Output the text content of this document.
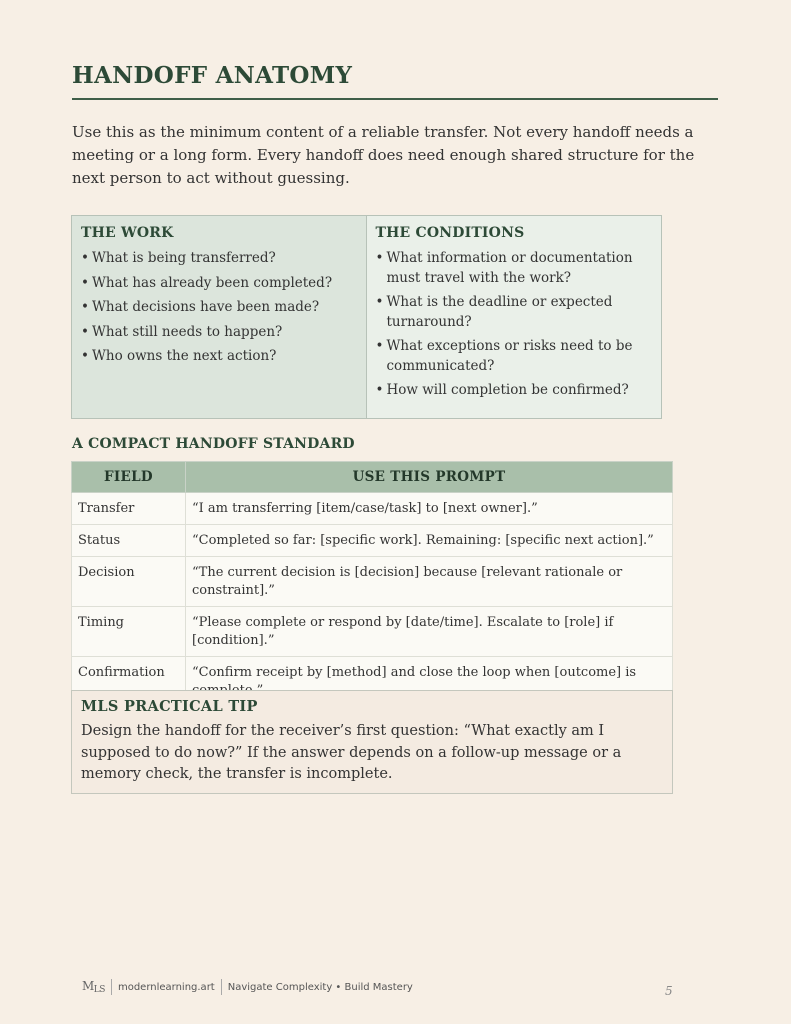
HANDOFF ANATOMY

Use this as the minimum content of a reliable transfer. Not every handoff needs a meeting or a long form. Every handoff does need enough shared structure for the next person to act without guessing.

THE WORK
• What is being transferred?
• What has already been completed?
• What decisions have been made?
• What still needs to happen?
• Who owns the next action?
THE CONDITIONS
• What information or documentation must travel with the work?
• What is the deadline or expected turnaround?
• What exceptions or risks need to be communicated?
• How will completion be confirmed?
A COMPACT HANDOFF STANDARD
FIELD	USE THIS PROMPT
Transfer	“I am transferring [item/case/task] to [next owner].”
Status	“Completed so far: [specific work]. Remaining: [specific next action].”
Decision	“The current decision is [decision] because [relevant rationale or constraint].”
Timing	“Please complete or respond by [date/time]. Escalate to [role] if [condition].”
Confirmation	“Confirm receipt by [method] and close the loop when [outcome] is
MLS PRACTICAL TIP

Design the handoff for the receiver’s first question: “What exactly am I supposed to do now?” If the answer depends on a follow-up message or a memory check, the transfer is incomplete.

MLS modernlearning.art Navigate Complexity • Build Mastery	5
